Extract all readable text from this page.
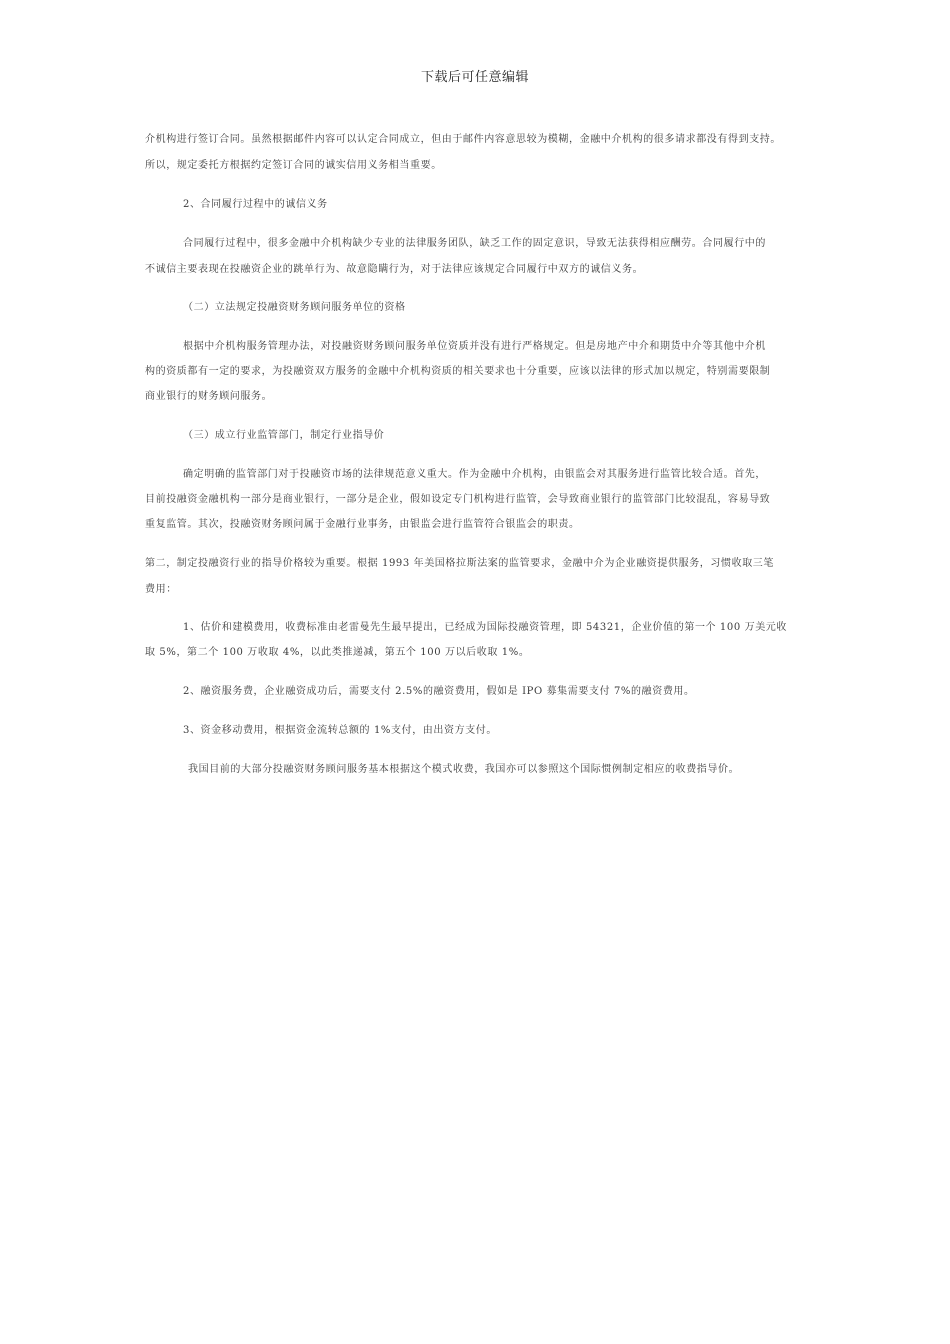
下载后可任意编辑
介机构进行签订合同。虽然根据邮件内容可以认定合同成立，但由于邮件内容意思较为模糊，金融中介机构的很多请求都没有得到支持。
所以，规定委托方根据约定签订合同的诚实信用义务相当重要。
2、合同履行过程中的诚信义务
合同履行过程中，很多金融中介机构缺少专业的法律服务团队，缺乏工作的固定意识，导致无法获得相应酬劳。合同履行中的
不诚信主要表现在投融资企业的跳单行为、故意隐瞒行为，对于法律应该规定合同履行中双方的诚信义务。
（二）立法规定投融资财务顾问服务单位的资格
根据中介机构服务管理办法，对投融资财务顾问服务单位资质并没有进行严格规定。但是房地产中介和期货中介等其他中介机
构的资质都有一定的要求，为投融资双方服务的金融中介机构资质的相关要求也十分重要，应该以法律的形式加以规定，特别需要限制
商业银行的财务顾问服务。
（三）成立行业监管部门，制定行业指导价
确定明确的监管部门对于投融资市场的法律规范意义重大。作为金融中介机构，由银监会对其服务进行监管比较合适。首先，
目前投融资金融机构一部分是商业银行，一部分是企业，假如设定专门机构进行监管，会导致商业银行的监管部门比较混乱，容易导致
重复监管。其次，投融资财务顾问属于金融行业事务，由银监会进行监管符合银监会的职责。
第二，制定投融资行业的指导价格较为重要。根据 1993 年美国格拉斯法案的监管要求，金融中介为企业融资提供服务，习惯收取三笔
费用：
1、估价和建模费用，收费标准由老雷曼先生最早提出，已经成为国际投融资管理，即 54321，企业价值的第一个 100 万美元收
取 5%，第二个 100 万收取 4%，以此类推递减，第五个 100 万以后收取 1%。
2、融资服务费，企业融资成功后，需要支付 2.5%的融资费用，假如是 IPO 募集需要支付 7%的融资费用。
3、资金移动费用，根据资金流转总额的 1%支付，由出资方支付。
我国目前的大部分投融资财务顾问服务基本根据这个模式收费，我国亦可以参照这个国际惯例制定相应的收费指导价。
